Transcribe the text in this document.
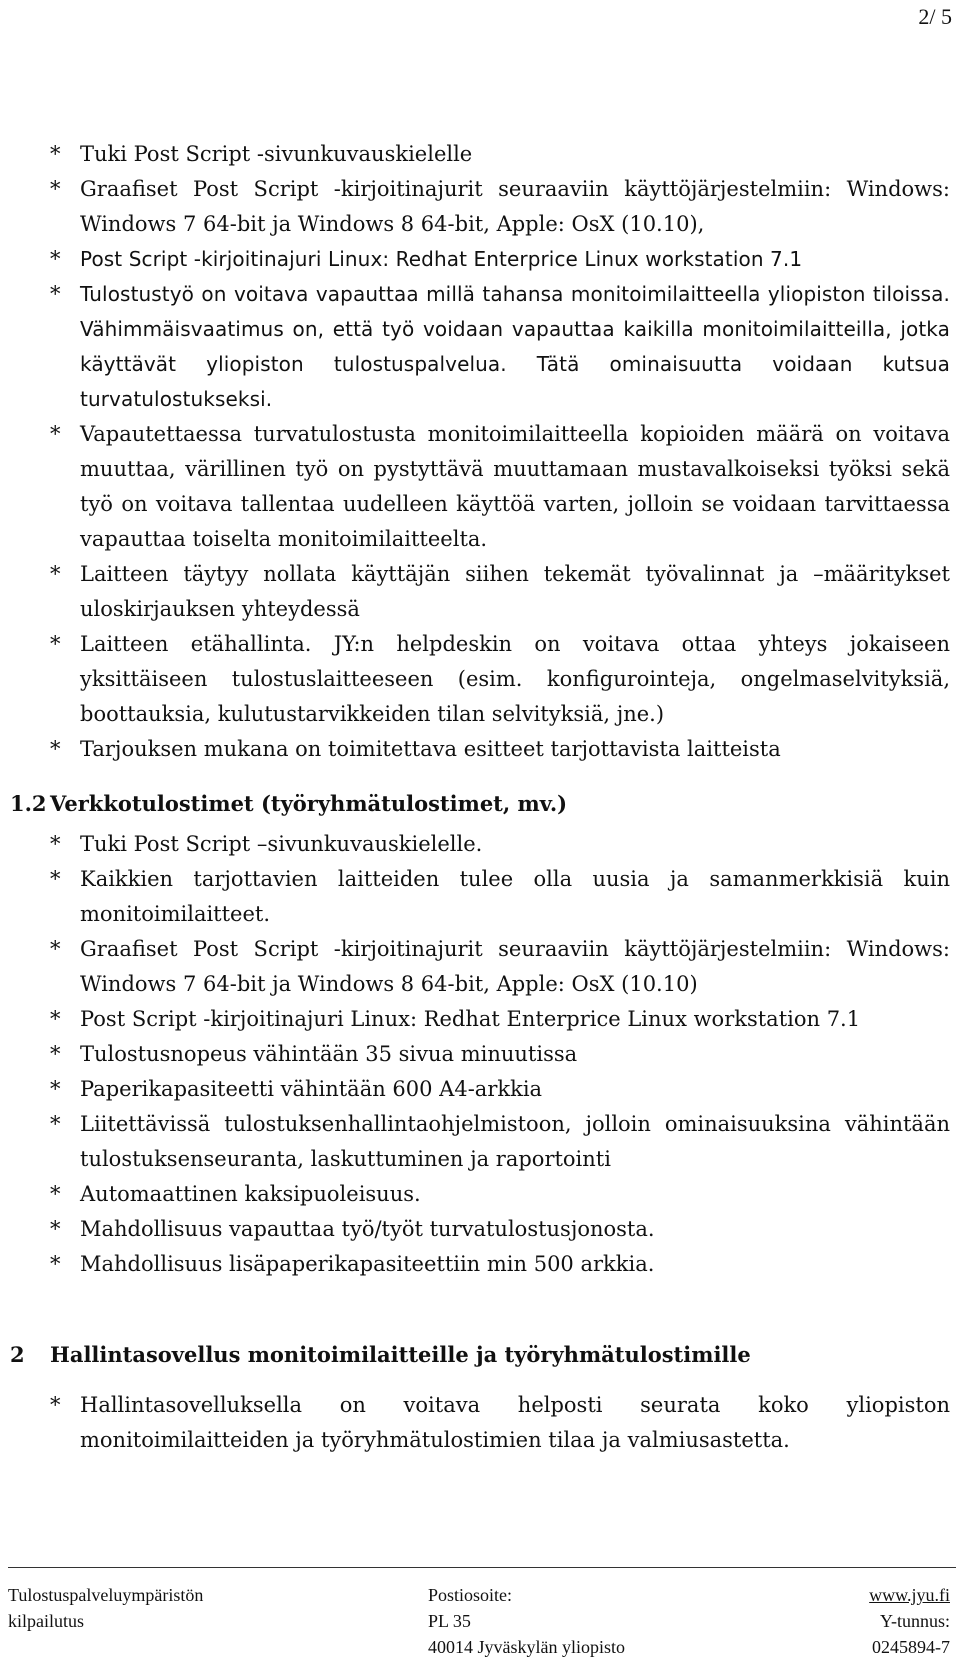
2/ 5
* Tuki Post Script -sivunkuvauskielelle
* Graafiset Post Script -kirjoitinajurit seuraaviin käyttöjärjestelmiin: Windows: Windows 7 64-bit ja Windows 8 64-bit, Apple: OsX (10.10),
* Post Script -kirjoitinajuri Linux: Redhat Enterprice Linux workstation 7.1
* Tulostustyö on voitava vapauttaa millä tahansa monitoimilaitteella yliopiston tiloissa. Vähimmäisvaatimus on, että työ voidaan vapauttaa kaikilla monitoimilaitteilla, jotka käyttävät yliopiston tulostuspalvelua. Tätä ominaisuutta voidaan kutsua turvatulostukseksi.
* Vapautettaessa turvatulostusta monitoimilaitteella kopioiden määrä on voitava muuttaa, värillinen työ on pystyttävä muuttamaan mustavalkoiseksi työksi sekä työ on voitava tallentaa uudelleen käyttöä varten, jolloin se voidaan tarvittaessa vapauttaa toiselta monitoimilaitteelta.
* Laitteen täytyy nollata käyttäjän siihen tekemät työvalinnat ja –määritykset uloskirjauksen yhteydessä
* Laitteen etähallinta. JY:n helpdeskin on voitava ottaa yhteys jokaiseen yksittäiseen tulostuslaitteeseen (esim. konfigurointeja, ongelmaselvityksiä, boottauksia, kulutustarvikkeiden tilan selvityksiä, jne.)
* Tarjouksen mukana on toimitettava esitteet tarjottavista laitteista
1.2 Verkkotulostimet (työryhmätulostimet, mv.)
* Tuki Post Script –sivunkuvauskielelle.
* Kaikkien tarjottavien laitteiden tulee olla uusia ja samanmerkkisiä kuin monitoimilaitteet.
* Graafiset Post Script -kirjoitinajurit seuraaviin käyttöjärjestelmiin: Windows: Windows 7 64-bit ja Windows 8 64-bit, Apple: OsX (10.10)
* Post Script -kirjoitinajuri Linux: Redhat Enterprice Linux workstation 7.1
* Tulostusnopeus vähintään 35 sivua minuutissa
* Paperikapasiteetti vähintään 600 A4-arkkia
* Liitettävissä tulostuksenhallintaohjelmistoon, jolloin ominaisuuksina vähintään tulostuksenseuranta, laskuttuminen ja raportointi
* Automaattinen kaksipuoleisuus.
* Mahdollisuus vapauttaa työ/työt turvatulostusjonosta.
* Mahdollisuus lisäpaperikapasiteettiin min 500 arkkia.
2	Hallintasovellus monitoimilaitteille ja työryhmätulostimille
* Hallintasovelluksella on voitava helposti seurata koko yliopiston monitoimilaitteiden ja työryhmätulostimien tilaa ja valmiusastetta.
Tulostuspalveluympäristön
kilpailutus
Postiosoite:
PL 35
40014 Jyväskylän yliopisto
www.jyu.fi
Y-tunnus:
0245894-7
